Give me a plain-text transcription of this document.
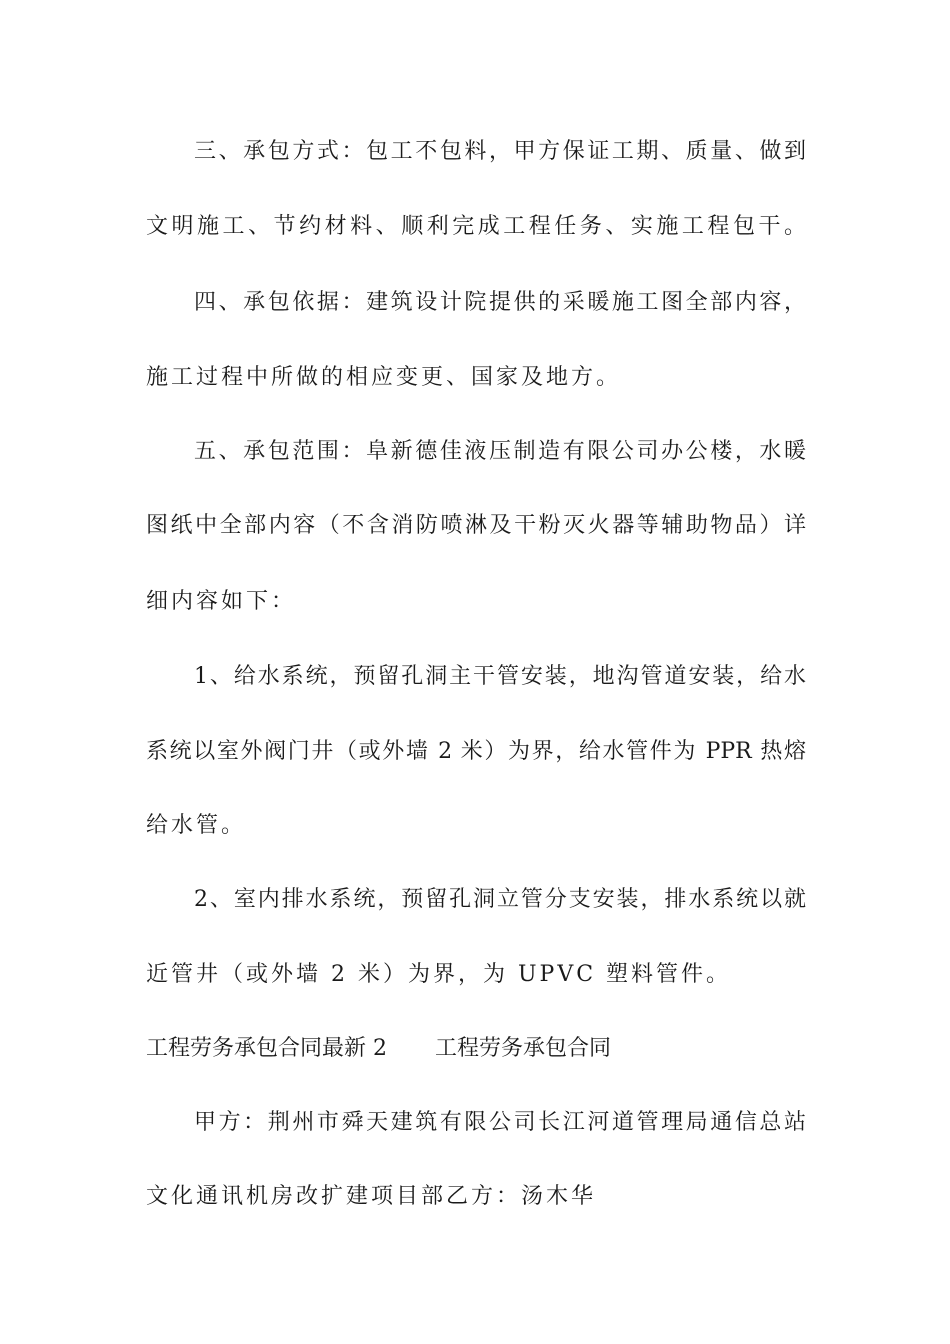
三、承包方式：包工不包料，甲方保证工期、质量、做到
文明施工、节约材料、顺利完成工程任务、实施工程包干。
四、承包依据：建筑设计院提供的采暖施工图全部内容，
施工过程中所做的相应变更、国家及地方。
五、承包范围：阜新德佳液压制造有限公司办公楼，水暖
图纸中全部内容（不含消防喷淋及干粉灭火器等辅助物品）详
细内容如下：
1、给水系统，预留孔洞主干管安装，地沟管道安装，给水
系统以室外阀门井（或外墙 2 米）为界，给水管件为 PPR 热熔
给水管。
2、室内排水系统，预留孔洞立管分支安装，排水系统以就
近管井（或外墙 2 米）为界，为 UPVC 塑料管件。
工程劳务承包合同最新 2 工程劳务承包合同
甲方：荆州市舜天建筑有限公司长江河道管理局通信总站
文化通讯机房改扩建项目部乙方：汤木华
